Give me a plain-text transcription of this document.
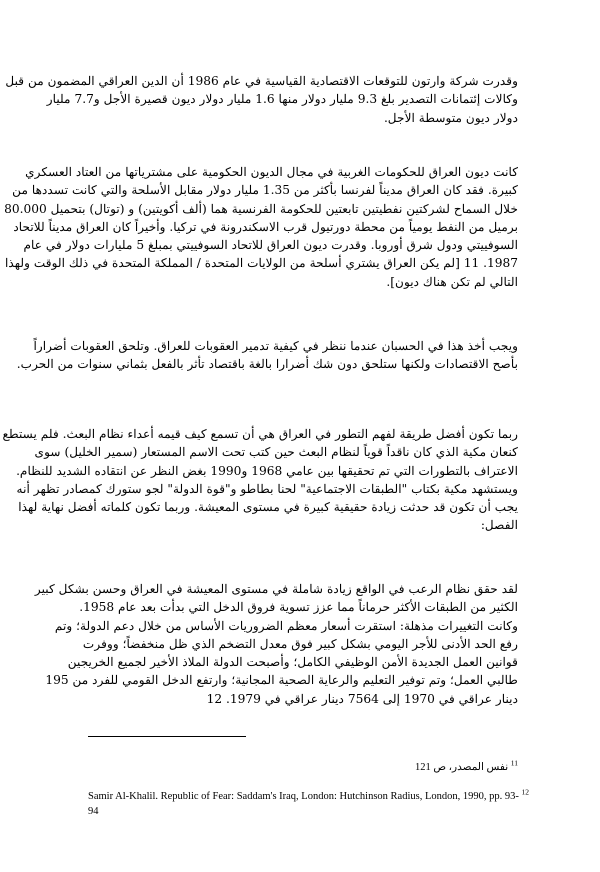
وقدرت شركة وارتون للتوقعات الاقتصادية القياسية في عام 1986 أن الدين العراقي المضمون من قبل
وكالات إئتمانات التصدير بلغ 9.3 مليار دولار منها 1.6 مليار دولار ديون قصيرة الأجل و7.7 مليار
دولار ديون متوسطة الأجل.
كانت ديون العراق للحكومات الغربية في مجال الديون الحكومية على مشترياتها من العتاد العسكري
كبيرة. فقد كان العراق مديناً لفرنسا بأكثر من 1.35 مليار دولار مقابل الأسلحة والتي كانت تسددها من
خلال السماح لشركتين نفطيتين تابعتين للحكومة الفرنسية هما (ألف أكويتين) و (توتال) بتحميل 80.000
برميل من النفط يومياً من محطة دورتيول قرب الاسكندرونة في تركيا. وأخيراً كان العراق مديناً للاتحاد
السوفييتي ودول شرق أوروبا. وقدرت ديون العراق للاتحاد السوفييتي بمبلغ 5 مليارات دولار في عام
1987. 11 [لم يكن العراق يشتري أسلحة من الولايات المتحدة / المملكة المتحدة في ذلك الوقت ولهذا
التالي لم تكن هناك ديون].
ويجب أخذ هذا في الحسبان عندما ننظر في كيفية تدمير العقوبات للعراق. وتلحق العقوبات أضراراً
بأصح الاقتصادات ولكنها ستلحق دون شك أضرارا بالغة باقتصاد تأثر بالفعل بثماني سنوات من الحرب.
ربما تكون أفضل طريقة لفهم التطور في العراق هي أن تسمع كيف قيمه أعداء نظام البعث. فلم يستطع
كنعان مكية الذي كان ناقداً قوياً لنظام البعث حين كتب تحت الاسم المستعار (سمير الخليل) سوى
الاعتراف بالتطورات التي تم تحقيقها بين عامي 1968 و1990 بغض النظر عن انتقاده الشديد للنظام.
ويستشهد مكية بكتاب "الطبقات الاجتماعية" لحنا بطاطو و"قوة الدولة" لجو ستورك كمصادر تظهر أنه
يجب أن تكون قد حدثت زيادة حقيقية كبيرة في مستوى المعيشة. وربما تكون كلماته أفضل نهاية لهذا
الفصل:
لقد حقق نظام الرعب في الواقع زيادة شاملة في مستوى المعيشة في العراق وحسن بشكل كبير
الكثير من الطبقات الأكثر حرماناً مما عزز تسوية فروق الدخل التي بدأت بعد عام 1958.
وكانت التغييرات مذهلة: استقرت أسعار معظم الضروريات الأساس من خلال دعم الدولة؛ وتم
رفع الحد الأدنى للأجر اليومي بشكل كبير فوق معدل التضخم الذي ظل منخفضاً؛ ووفرت
قوانين العمل الجديدة الأمن الوظيفي الكامل؛ وأصبحت الدولة الملاذ الأخير لجميع الخريجين
طالبي العمل؛ وتم توفير التعليم والرعاية الصحية المجانية؛ وارتفع الدخل القومي للفرد من 195
دينار عراقي في 1970 إلى 7564 دينار عراقي في 1979. 12
$^{11}$ نفس المصدر، ص 121
Samir Al-Khalil. Republic of Fear: Saddam's Iraq, London: Hutchinson Radius, London, 1990, pp. 93- $^{12}$
94
